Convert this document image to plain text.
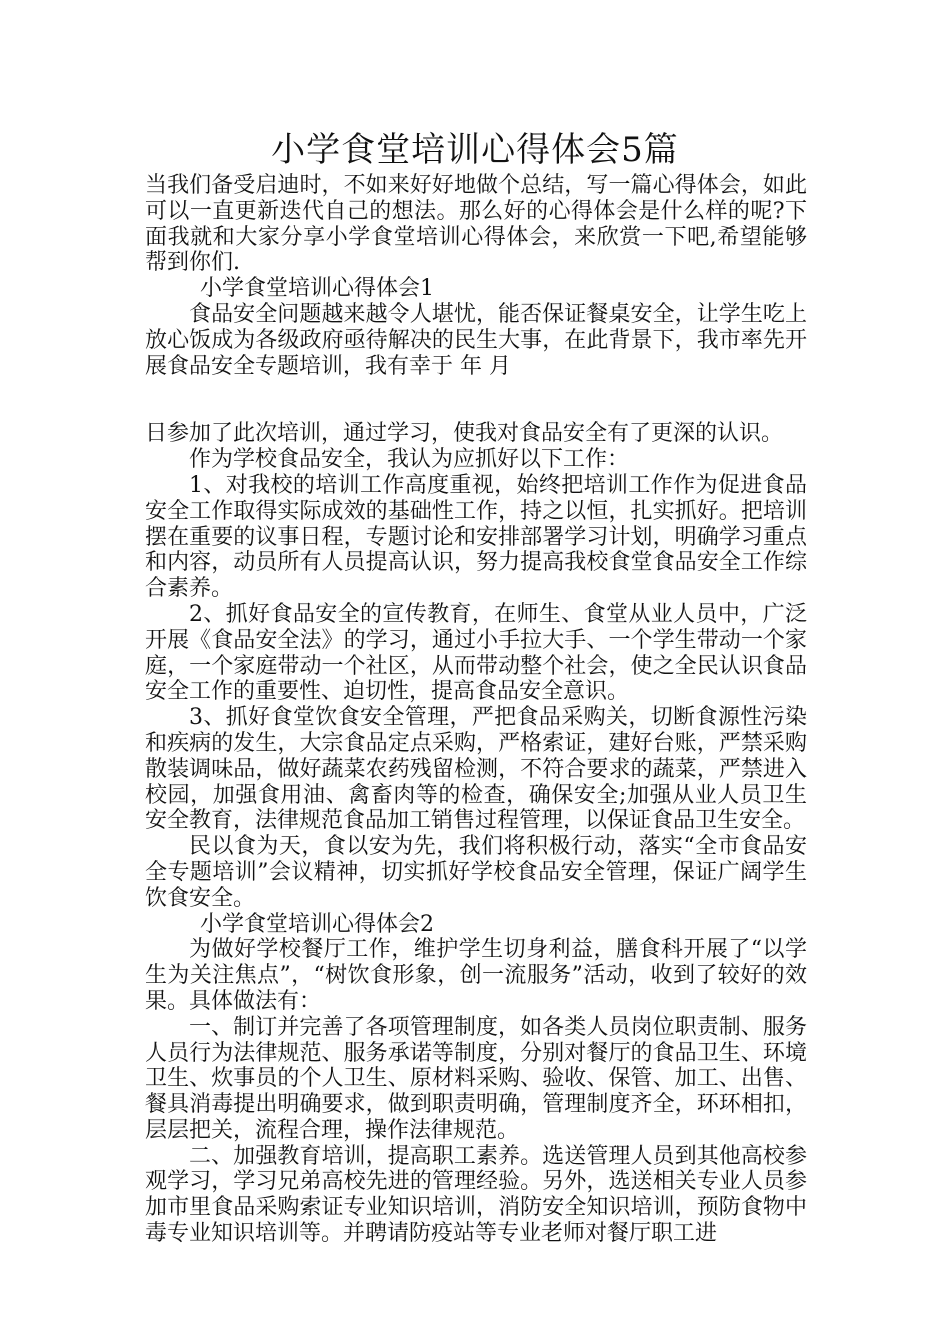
小学食堂培训心得体会5篇

当我们备受启迪时，不如来好好地做个总结，写一篇心得体会，如此可以一直更新迭代自己的想法。那么好的心得体会是什么样的呢?下面我就和大家分享小学食堂培训心得体会，来欣赏一下吧,希望能够帮到你们.

小学食堂培训心得体会1

食品安全问题越来越令人堪忧，能否保证餐桌安全，让学生吃上放心饭成为各级政府亟待解决的民生大事，在此背景下，我市率先开展食品安全专题培训，我有幸于 年 月

日参加了此次培训，通过学习，使我对食品安全有了更深的认识。

作为学校食品安全，我认为应抓好以下工作：

1、对我校的培训工作高度重视，始终把培训工作作为促进食品安全工作取得实际成效的基础性工作，持之以恒，扎实抓好。把培训摆在重要的议事日程，专题讨论和安排部署学习计划，明确学习重点和内容，动员所有人员提高认识，努力提高我校食堂食品安全工作综合素养。

2、抓好食品安全的宣传教育，在师生、食堂从业人员中，广泛开展《食品安全法》的学习，通过小手拉大手、一个学生带动一个家庭，一个家庭带动一个社区，从而带动整个社会，使之全民认识食品安全工作的重要性、迫切性，提高食品安全意识。

3、抓好食堂饮食安全管理，严把食品采购关，切断食源性污染和疾病的发生，大宗食品定点采购，严格索证，建好台账，严禁采购散装调味品，做好蔬菜农药残留检测，不符合要求的蔬菜，严禁进入校园，加强食用油、禽畜肉等的检查，确保安全;加强从业人员卫生安全教育，法律规范食品加工销售过程管理，以保证食品卫生安全。

民以食为天，食以安为先，我们将积极行动，落实“全市食品安全专题培训”会议精神，切实抓好学校食品安全管理，保证广阔学生饮食安全。

小学食堂培训心得体会2

为做好学校餐厅工作，维护学生切身利益，膳食科开展了“以学生为关注焦点”，“树饮食形象，创一流服务”活动，收到了较好的效果。具体做法有：

一、制订并完善了各项管理制度，如各类人员岗位职责制、服务人员行为法律规范、服务承诺等制度，分别对餐厅的食品卫生、环境卫生、炊事员的个人卫生、原材料采购、验收、保管、加工、出售、餐具消毒提出明确要求，做到职责明确，管理制度齐全，环环相扣，层层把关，流程合理，操作法律规范。

二、加强教育培训，提高职工素养。选送管理人员到其他高校参观学习，学习兄弟高校先进的管理经验。另外，选送相关专业人员参加市里食品采购索证专业知识培训，消防安全知识培训，预防食物中毒专业知识培训等。并聘请防疫站等专业老师对餐厅职工进
